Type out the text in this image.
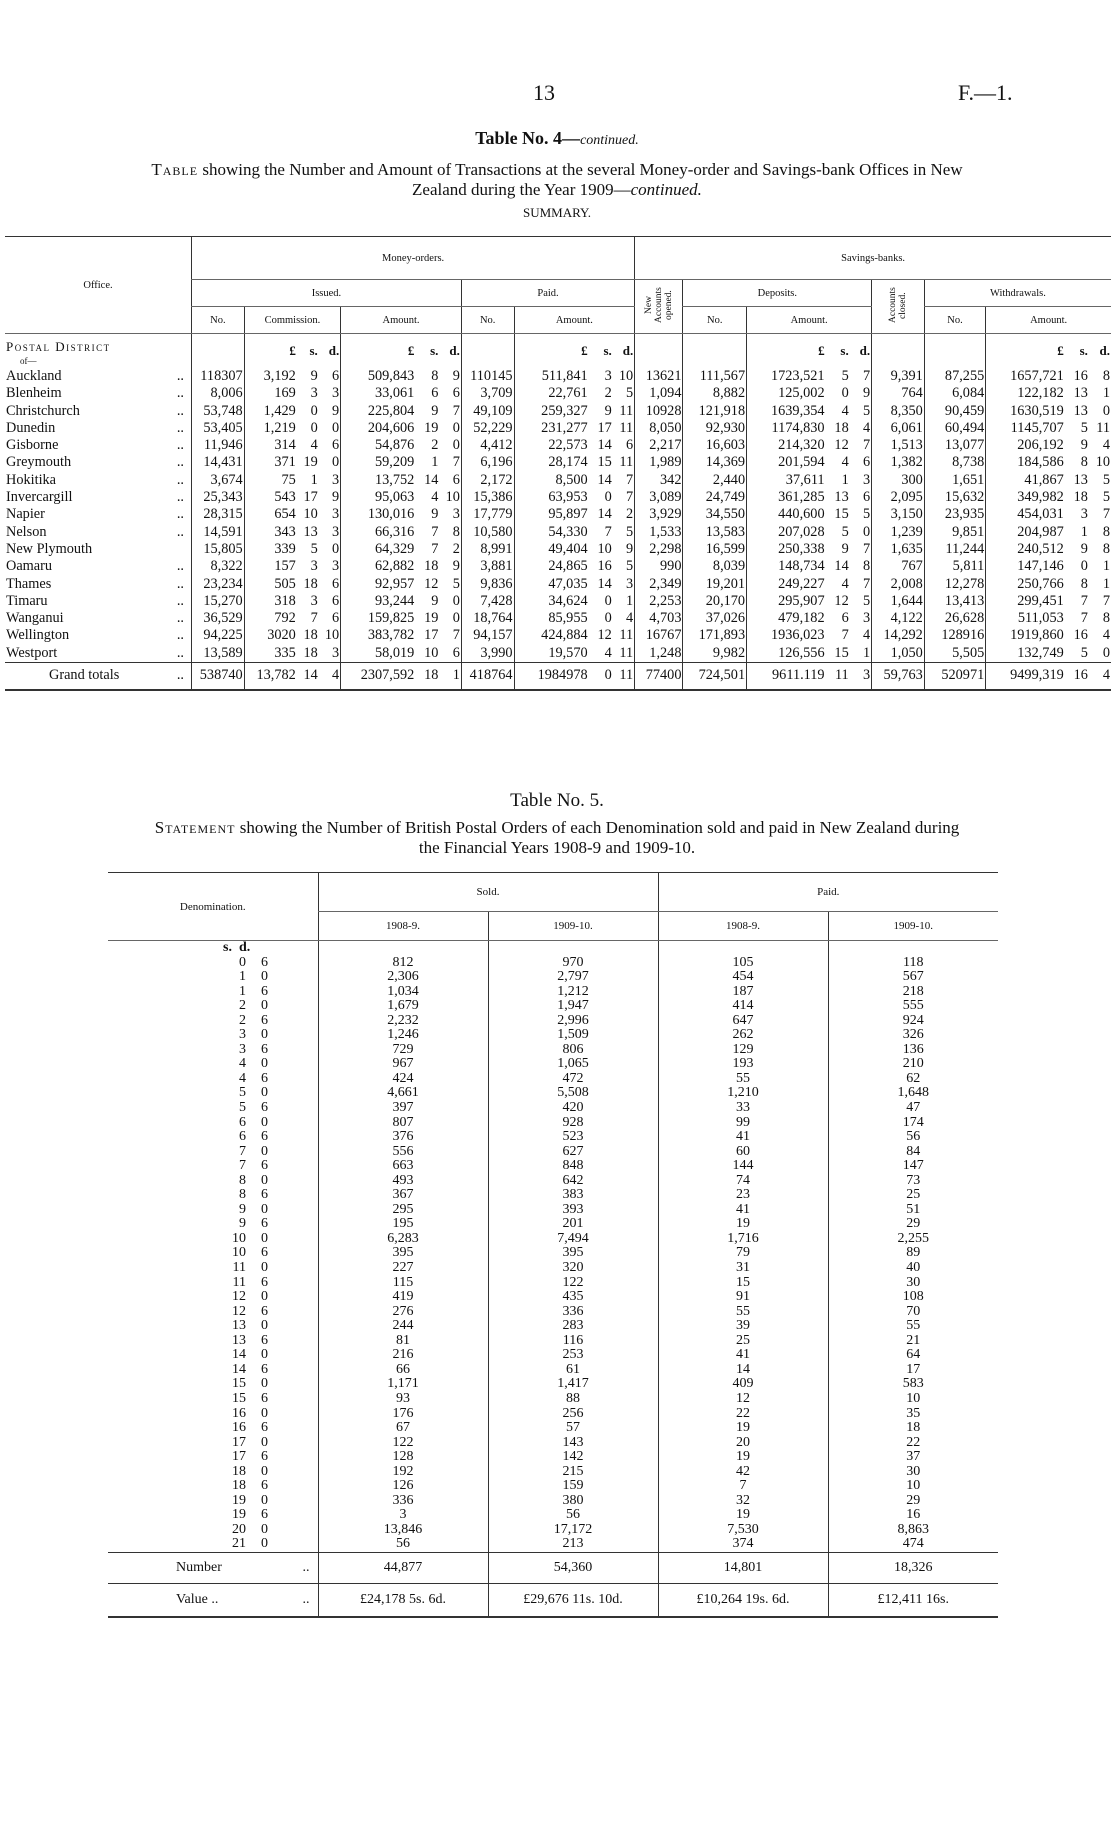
13	F.—1.
Table No. 4—continued.
Table showing the Number and Amount of Transactions at the several Money-order and Savings-bank Offices in New Zealand during the Year 1909—continued.
SUMMARY.
Office.	Money-orders.											Savings-banks.									
	Issued.							Paid.				New Accounts opened.	Deposits.				Accounts closed.	Withdrawals.			
	No.	Commission.			Amount.			No.	Amount.				No.	Amount.				No.	Amount.		
Postal District
of—		£	s.	d.	£	s.	d.		£	s.	d.			£	s.	d.			£	s.	d.
Auckland ..	118307	3,192	9	6	509,843	8	9	110145	511,841	3	10	13621	111,567	1723,521	5	7	9,391	87,255	1657,721	16	8
Blenheim ..	8,006	169	3	3	33,061	6	6	3,709	22,761	2	5	1,094	8,882	125,002	0	9	764	6,084	122,182	13	1
Christchurch ..	53,748	1,429	0	9	225,804	9	7	49,109	259,327	9	11	10928	121,918	1639,354	4	5	8,350	90,459	1630,519	13	0
Dunedin ..	53,405	1,219	0	0	204,606	19	0	52,229	231,277	17	11	8,050	92,930	1174,830	18	4	6,061	60,494	1145,707	5	11
Gisborne ..	11,946	314	4	6	54,876	2	0	4,412	22,573	14	6	2,217	16,603	214,320	12	7	1,513	13,077	206,192	9	4
Greymouth ..	14,431	371	19	0	59,209	1	7	6,196	28,174	15	11	1,989	14,369	201,594	4	6	1,382	8,738	184,586	8	10
Hokitika ..	3,674	75	1	3	13,752	14	6	2,172	8,500	14	7	342	2,440	37,611	1	3	300	1,651	41,867	13	5
Invercargill ..	25,343	543	17	9	95,063	4	10	15,386	63,953	0	7	3,089	24,749	361,285	13	6	2,095	15,632	349,982	18	5
Napier ..	28,315	654	10	3	130,016	9	3	17,779	95,897	14	2	3,929	34,550	440,600	15	5	3,150	23,935	454,031	3	7
Nelson ..	14,591	343	13	3	66,316	7	8	10,580	54,330	7	5	1,533	13,583	207,028	5	0	1,239	9,851	204,987	1	8
New Plymouth	15,805	339	5	0	64,329	7	2	8,991	49,404	10	9	2,298	16,599	250,338	9	7	1,635	11,244	240,512	9	8
Oamaru ..	8,322	157	3	3	62,882	18	9	3,881	24,865	16	5	990	8,039	148,734	14	8	767	5,811	147,146	0	1
Thames ..	23,234	505	18	6	92,957	12	5	9,836	47,035	14	3	2,349	19,201	249,227	4	7	2,008	12,278	250,766	8	1
Timaru ..	15,270	318	3	6	93,244	9	0	7,428	34,624	0	1	2,253	20,170	295,907	12	5	1,644	13,413	299,451	7	7
Wanganui ..	36,529	792	7	6	159,825	19	0	18,764	85,955	0	4	4,703	37,026	479,182	6	3	4,122	26,628	511,053	7	8
Wellington ..	94,225	3020	18	10	383,782	17	7	94,157	424,884	12	11	16767	171,893	1936,023	7	4	14,292	128916	1919,860	16	4
Westport ..	13,589	335	18	3	58,019	10	6	3,990	19,570	4	11	1,248	9,982	126,556	15	1	1,050	5,505	132,749	5	0
Grand totals ..	538740	13,782	14	4	2307,592	18	1	418764	1984978	0	11	77400	724,501	9611.119	11	3	59,763	520971	9499,319	16	4
Table No. 5.
Statement showing the Number of British Postal Orders of each Denomination sold and paid in New Zealand during the Financial Years 1908-9 and 1909-10.
Denomination.	Sold.		Paid.	
	1908-9.	1909-10.	1908-9.	1909-10.
s. d.				
0 6	812	970	105	118
1 0	2,306	2,797	454	567
1 6	1,034	1,212	187	218
2 0	1,679	1,947	414	555
2 6	2,232	2,996	647	924
3 0	1,246	1,509	262	326
3 6	729	806	129	136
4 0	967	1,065	193	210
4 6	424	472	55	62
5 0	4,661	5,508	1,210	1,648
5 6	397	420	33	47
6 0	807	928	99	174
6 6	376	523	41	56
7 0	556	627	60	84
7 6	663	848	144	147
8 0	493	642	74	73
8 6	367	383	23	25
9 0	295	393	41	51
9 6	195	201	19	29
10 0	6,283	7,494	1,716	2,255
10 6	395	395	79	89
11 0	227	320	31	40
11 6	115	122	15	30
12 0	419	435	91	108
12 6	276	336	55	70
13 0	244	283	39	55
13 6	81	116	25	21
14 0	216	253	41	64
14 6	66	61	14	17
15 0	1,171	1,417	409	583
15 6	93	88	12	10
16 0	176	256	22	35
16 6	67	57	19	18
17 0	122	143	20	22
17 6	128	142	19	37
18 0	192	215	42	30
18 6	126	159	7	10
19 0	336	380	32	29
19 6	3	56	19	16
20 0	13,846	17,172	7,530	8,863
21 0	56	213	374	474
Number ..	44,877	54,360	14,801	18,326
Value .. ..	£24,178 5s. 6d.	£29,676 11s. 10d.	£10,264 19s. 6d.	£12,411 16s.
